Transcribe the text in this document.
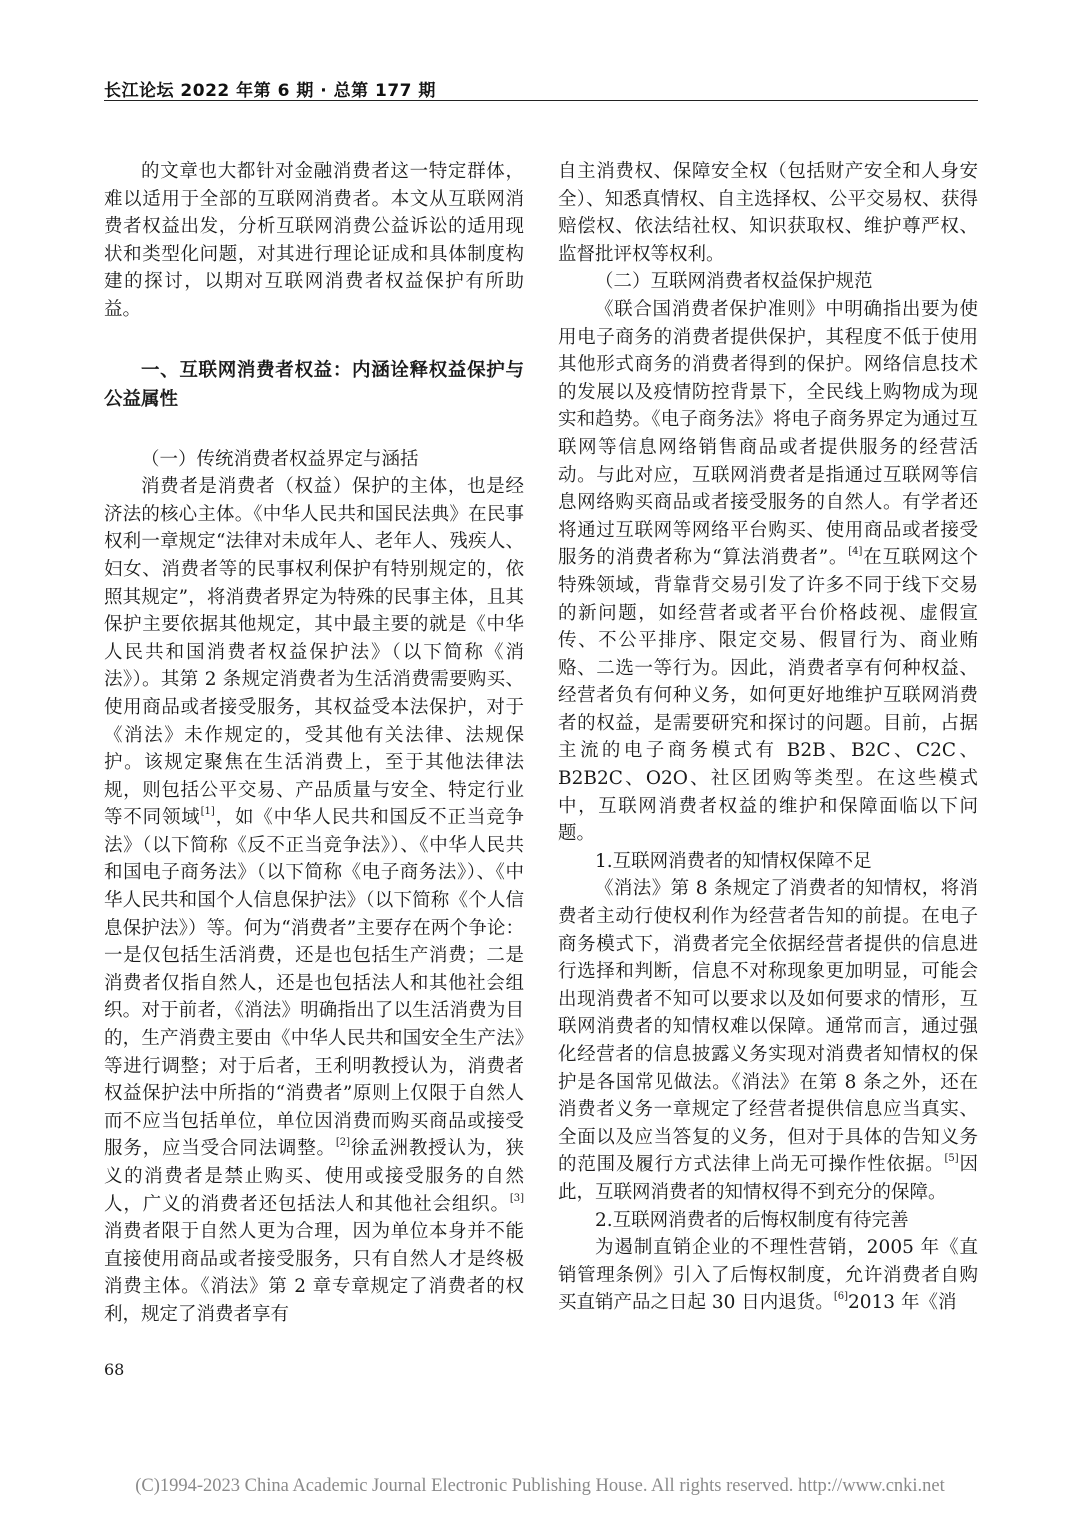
长江论坛 2022 年第 6 期 · 总第 177 期

的文章也大都针对金融消费者这一特定群体，难以适用于全部的互联网消费者。本文从互联网消费者权益出发，分析互联网消费公益诉讼的适用现状和类型化问题，对其进行理论证成和具体制度构建的探讨，以期对互联网消费者权益保护有所助益。

一、互联网消费者权益：内涵诠释权益保护与公益属性

（一）传统消费者权益界定与涵括

消费者是消费者（权益）保护的主体，也是经济法的核心主体。《中华人民共和国民法典》在民事权利一章规定“法律对未成年人、老年人、残疾人、妇女、消费者等的民事权利保护有特别规定的，依照其规定”，将消费者界定为特殊的民事主体，且其保护主要依据其他规定，其中最主要的就是《中华人民共和国消费者权益保护法》（以下简称《消法》）。其第 2 条规定消费者为生活消费需要购买、使用商品或者接受服务，其权益受本法保护，对于《消法》未作规定的，受其他有关法律、法规保护。该规定聚焦在生活消费上，至于其他法律法规，则包括公平交易、产品质量与安全、特定行业等不同领域[1]，如《中华人民共和国反不正当竞争法》（以下简称《反不正当竞争法》）、《中华人民共和国电子商务法》（以下简称《电子商务法》）、《中华人民共和国个人信息保护法》（以下简称《个人信息保护法》）等。何为“消费者”主要存在两个争论：一是仅包括生活消费，还是也包括生产消费；二是消费者仅指自然人，还是也包括法人和其他社会组织。对于前者，《消法》明确指出了以生活消费为目的，生产消费主要由《中华人民共和国安全生产法》等进行调整；对于后者，王利明教授认为，消费者权益保护法中所指的“消费者”原则上仅限于自然人而不应当包括单位，单位因消费而购买商品或接受服务，应当受合同法调整。[2]徐孟洲教授认为，狭义的消费者是禁止购买、使用或接受服务的自然人，广义的消费者还包括法人和其他社会组织。[3]消费者限于自然人更为合理，因为单位本身并不能直接使用商品或者接受服务，只有自然人才是终极消费主体。《消法》第 2 章专章规定了消费者的权利，规定了消费者享有

自主消费权、保障安全权（包括财产安全和人身安全）、知悉真情权、自主选择权、公平交易权、获得赔偿权、依法结社权、知识获取权、维护尊严权、监督批评权等权利。

（二）互联网消费者权益保护规范

《联合国消费者保护准则》中明确指出要为使用电子商务的消费者提供保护，其程度不低于使用其他形式商务的消费者得到的保护。网络信息技术的发展以及疫情防控背景下，全民线上购物成为现实和趋势。《电子商务法》将电子商务界定为通过互联网等信息网络销售商品或者提供服务的经营活动。与此对应，互联网消费者是指通过互联网等信息网络购买商品或者接受服务的自然人。有学者还将通过互联网等网络平台购买、使用商品或者接受服务的消费者称为“算法消费者”。[4]在互联网这个特殊领域，背靠背交易引发了许多不同于线下交易的新问题，如经营者或者平台价格歧视、虚假宣传、不公平排序、限定交易、假冒行为、商业贿赂、二选一等行为。因此，消费者享有何种权益、经营者负有何种义务，如何更好地维护互联网消费者的权益，是需要研究和探讨的问题。目前，占据主流的电子商务模式有 B2B、B2C、C2C、B2B2C、O2O、社区团购等类型。在这些模式中，互联网消费者权益的维护和保障面临以下问题。

1.互联网消费者的知情权保障不足

《消法》第 8 条规定了消费者的知情权，将消费者主动行使权利作为经营者告知的前提。在电子商务模式下，消费者完全依据经营者提供的信息进行选择和判断，信息不对称现象更加明显，可能会出现消费者不知可以要求以及如何要求的情形，互联网消费者的知情权难以保障。通常而言，通过强化经营者的信息披露义务实现对消费者知情权的保护是各国常见做法。《消法》在第 8 条之外，还在消费者义务一章规定了经营者提供信息应当真实、全面以及应当答复的义务，但对于具体的告知义务的范围及履行方式法律上尚无可操作性依据。[5]因此，互联网消费者的知情权得不到充分的保障。

2.互联网消费者的后悔权制度有待完善

为遏制直销企业的不理性营销，2005 年《直销管理条例》引入了后悔权制度，允许消费者自购买直销产品之日起 30 日内退货。[6]2013 年《消

68
(C)1994-2023 China Academic Journal Electronic Publishing House. All rights reserved. http://www.cnki.net
